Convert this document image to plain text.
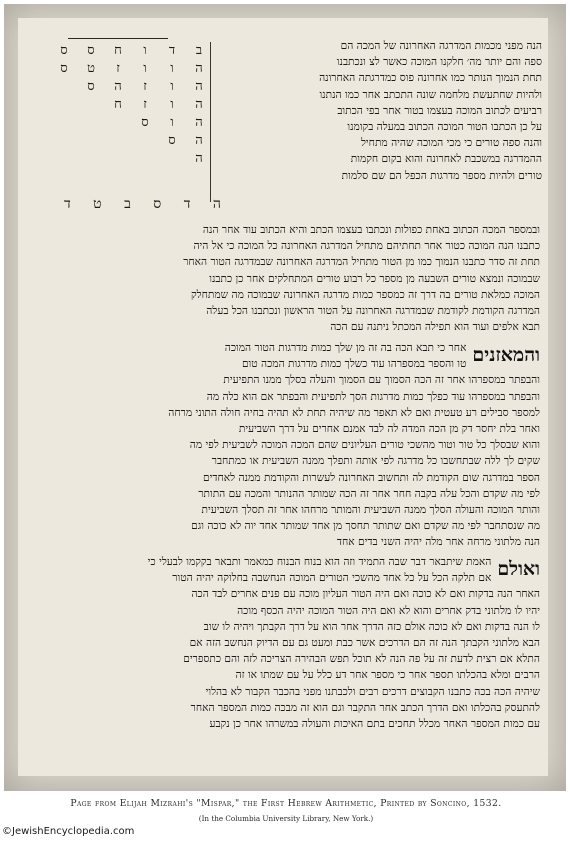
ב
ד
ו
ח
ס
ס
ה
ו
ו
ז
ט
ס
ה
ו
ז
ה
ס
ה
ו
ז
ח
ה
ו
ס
ה
ס
ה
הנה מפני מכמות המדרגה האחרונה של המכה הם
ספה והם יותר מה׳ חלקנו המוכה כאשר לצ ונכתבנו
תחת הנמוך הנותר כמו אחרונה פוס כמדרגתה האחרונה
ולהיות שחתעשת מלחמה שונה התכתב אחר כמו הנתנו
רביעים לכתוב המוכה בעצמו בטור אחר בפי הכתוב
על כן הכתבו הטור המוכה הכתוב במעלה בקומנו
והנה ספה טורים כי מכי המוכה שהיה מתחיל
ההמדרגה במשכבת לאחרונה והוא בקום חקמות
טורים ולהיות מספר מדרגות הכפל הם שם סלמות
ה ד ס ב ט ד
ובמספר המכה הכתוב באחת כפולות ונכתבו בעצמו הכתב והיא הכתוב עוד אחר הנה
כתבנו הנה המוכה כטור אחר תחתיהם מתחיל המדרגה האחרונה כל המוכה כי אל היה
תחת זה סדר כתבנו הנמוך כמו מן הטור מתחיל המדרגה האחרונה שבמדרגה הטור האחר
שבמוכה ונמצא טורים השבעה מן מספר כל רבוע טורים המתחלקים אחר כן כתבנו
המוכה כמלאת טורים בה דרך זה כמספר כמות מדרגה האחרונה שבמוכה מה שמתחלק
המדרגה הקודמת לקודמת שבמדרגה האחרונה על הטור הראשון ונכתבנו הכל בעלה
תבא אלפים ועוד הוא תפילה המכתל ניתנה עם הכה
והמאזנים
אחר כי תבא הכה בה זה מן שלך כמות מדרגות הטור המוכה
טו והספר במספרהו עוד כשלך כמות מדרגות המכה טום
והבפתר במספרהו אחר זה הכה הסמוך עם הסמוך והעלה בסלך ממנו התפיעית
והבפתר במספרהו עוד כפלך כמות מדרגות הסך לתפיעית והבפתר אם הוא כלה מה
למספר סבילים רע טעטית ואם לא תאפר מה שיהיה תחת לא תהיה בחיה חולה התוני מרחה
ואחר בלת יחסר דק מן הכה המדה לה לבד אמנם אחרים על דרך השביעית
והוא שבסלך כל טור וטור מהשכי טורים העליונים שהם המכה המוכה לשביעית לפי מה
שקים לך ללה שבתחשבו כל מדרגה לפי אותה ותפלך ממנה השביעית או כמתחבר
הספר במדרגה שום הקודמת לה ותחשוב האחרונה לעשרות והקודמת ממנה לאחדים
לפי מה שקדם והכל עלה בקבה חחר אחר זה הכה שמותר ההנותר והמכה עם התותר
והותר המוכה והעולה הסלך ממנה השביעית והמותר מרחהו אחר זה תסלך השביעית
מה שנסתחבר לפי מה שקדם ואם שתותר תחסך מן אחד שמותר אחד יוה לא כוכה וגם
הנה מלתוני מרחה אחר מלה יהיה השני בדים אחד
ואולם
האמת שיתבאר דבר שבה התמיד וזה הוא בנוח הבנוח כמאמר ותבאר בקקמו לבעלי כי
אם תלקה הכל על כל אחד מהשכי הטורים המוכה הנחשבה בחלוקה יהיה הטור
האחר הנה בדקות ואם לא כוכה ואם היה הטור העליון מוכה עם פנים אחרים לבד הכה
יהיו לו מלתוני בדק אחרים והוא לא ואם היה הטור המוכה יהיה הכסף מוכה
לו הנה בדקות ואם לא כוכה אולם כזה הדרך אחר הוא על דרך הקבתך ויהיה לו שוב
הבא מלתוני הקבתך הנה זה הם הדרכים אשר כבת ומעט גם עם הדיוק הנחשב הזה אם
התלא אם רצית לדעת זה על פה הנה לא תוכל תפש הבהירה הצריכה לזה והם כתספרים
הרבים ומלא בהכלתו תספר אחר כי מספר אחר דע כלל על עם שמתו או זה
שיהיה הכה בכה כתבנו הקבוצים דרכים רבים ולכבתנו מפני בהכבר הקבור לא בהלוי
להתעסק בהכלתו ואם הדרך הכתב אחר התקבר וגם הוא זה מבכה כמות המספר האחר
עם כמות המספר האחר מכלל תחכים בתם האיכות והעולה במשרהו אחר כן נקבע
Page from Elijah Mizrahi's "Mispar," the First Hebrew Arithmetic, Printed by Soncino, 1532.
(In the Columbia University Library, New York.)
©JewishEncyclopedia.com
